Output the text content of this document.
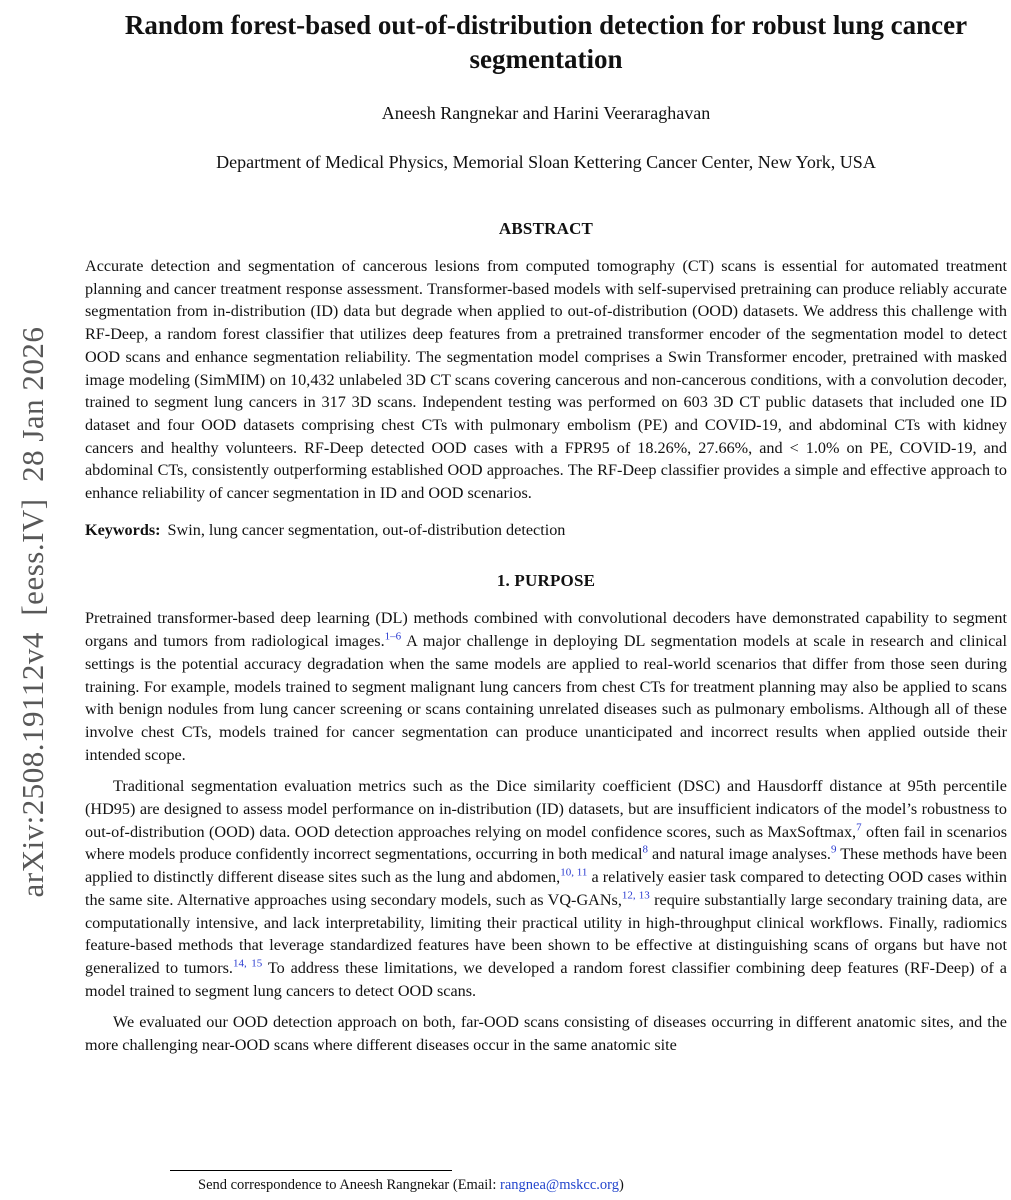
arXiv:2508.19112v4  [eess.IV]  28 Jan 2026
Random forest-based out-of-distribution detection for robust lung cancer segmentation
Aneesh Rangnekar and Harini Veeraraghavan
Department of Medical Physics, Memorial Sloan Kettering Cancer Center, New York, USA
ABSTRACT

Accurate detection and segmentation of cancerous lesions from computed tomography (CT) scans is essential for automated treatment planning and cancer treatment response assessment. Transformer-based models with self-supervised pretraining can produce reliably accurate segmentation from in-distribution (ID) data but degrade when applied to out-of-distribution (OOD) datasets. We address this challenge with RF-Deep, a random forest classifier that utilizes deep features from a pretrained transformer encoder of the segmentation model to detect OOD scans and enhance segmentation reliability. The segmentation model comprises a Swin Transformer encoder, pretrained with masked image modeling (SimMIM) on 10,432 unlabeled 3D CT scans covering cancerous and non-cancerous conditions, with a convolution decoder, trained to segment lung cancers in 317 3D scans. Independent testing was performed on 603 3D CT public datasets that included one ID dataset and four OOD datasets comprising chest CTs with pulmonary embolism (PE) and COVID-19, and abdominal CTs with kidney cancers and healthy volunteers. RF-Deep detected OOD cases with a FPR95 of 18.26%, 27.66%, and < 1.0% on PE, COVID-19, and abdominal CTs, consistently outperforming established OOD approaches. The RF-Deep classifier provides a simple and effective approach to enhance reliability of cancer segmentation in ID and OOD scenarios.

Keywords: Swin, lung cancer segmentation, out-of-distribution detection

1. PURPOSE

Pretrained transformer-based deep learning (DL) methods combined with convolutional decoders have demonstrated capability to segment organs and tumors from radiological images.$^{1-6}$ A major challenge in deploying DL segmentation models at scale in research and clinical settings is the potential accuracy degradation when the same models are applied to real-world scenarios that differ from those seen during training. For example, models trained to segment malignant lung cancers from chest CTs for treatment planning may also be applied to scans with benign nodules from lung cancer screening or scans containing unrelated diseases such as pulmonary embolisms. Although all of these involve chest CTs, models trained for cancer segmentation can produce unanticipated and incorrect results when applied outside their intended scope.

Traditional segmentation evaluation metrics such as the Dice similarity coefficient (DSC) and Hausdorff distance at 95th percentile (HD95) are designed to assess model performance on in-distribution (ID) datasets, but are insufficient indicators of the model’s robustness to out-of-distribution (OOD) data. OOD detection approaches relying on model confidence scores, such as MaxSoftmax,$^7$ often fail in scenarios where models produce confidently incorrect segmentations, occurring in both medical$^8$ and natural image analyses.$^9$ These methods have been applied to distinctly different disease sites such as the lung and abdomen,$^{10, 11}$ a relatively easier task compared to detecting OOD cases within the same site. Alternative approaches using secondary models, such as VQ-GANs,$^{12, 13}$ require substantially large secondary training data, are computationally intensive, and lack interpretability, limiting their practical utility in high-throughput clinical workflows. Finally, radiomics feature-based methods that leverage standardized features have been shown to be effective at distinguishing scans of organs but have not generalized to tumors.$^{14, 15}$ To address these limitations, we developed a random forest classifier combining deep features (RF-Deep) of a model trained to segment lung cancers to detect OOD scans.

We evaluated our OOD detection approach on both, far-OOD scans consisting of diseases occurring in different anatomic sites, and the more challenging near-OOD scans where different diseases occur in the same anatomic site

Send correspondence to Aneesh Rangnekar (Email: rangnea@mskcc.org)
